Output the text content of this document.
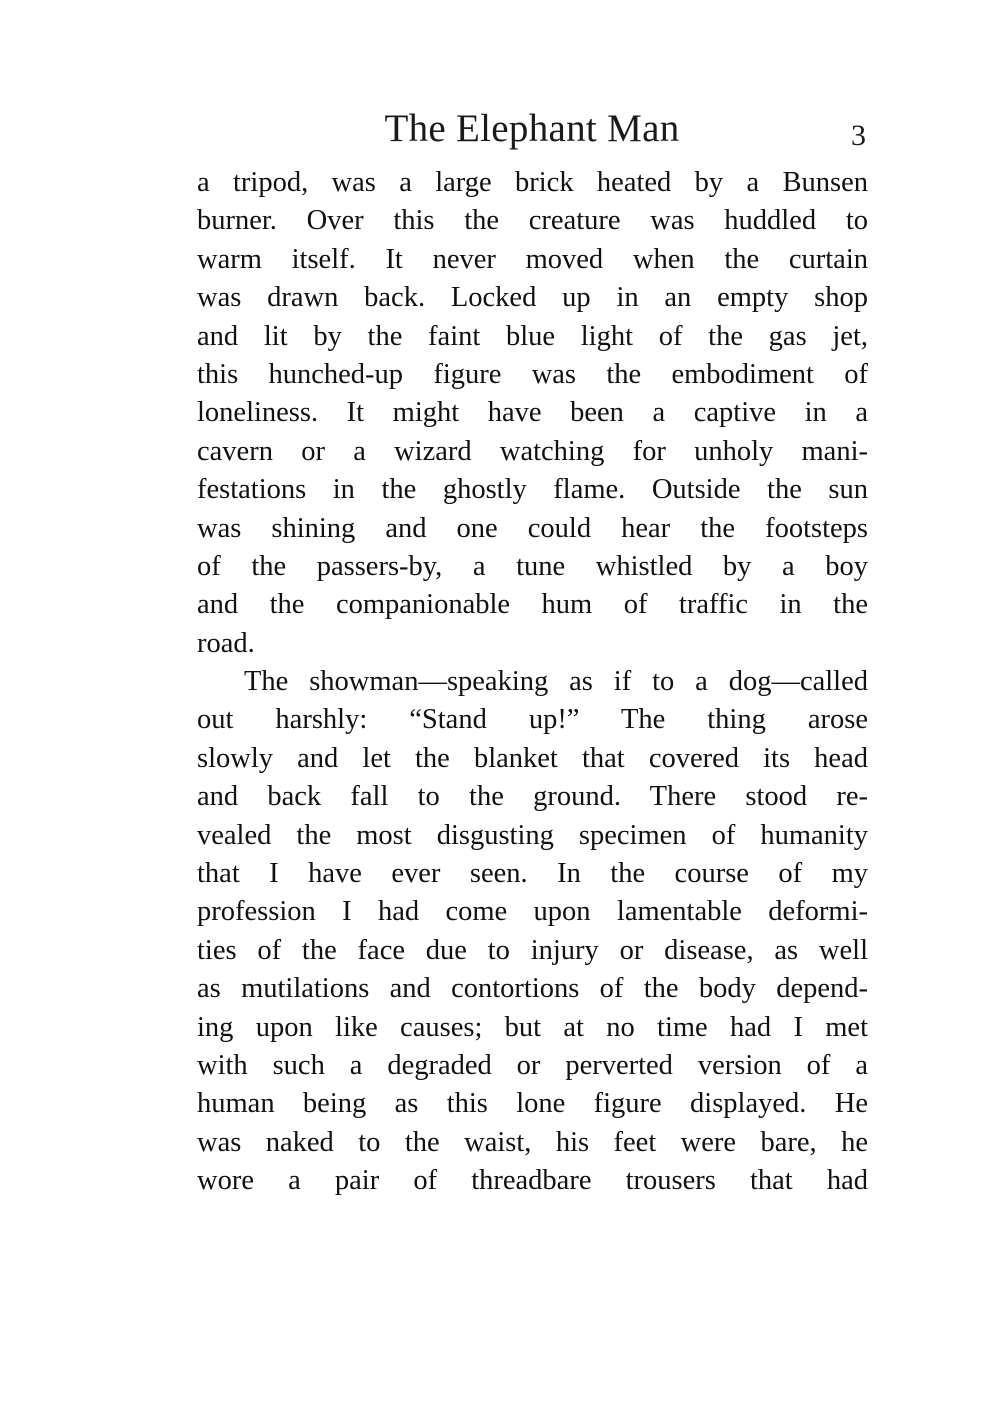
The Elephant Man	3
a tripod, was a large brick heated by a Bunsen
burner. Over this the creature was huddled to
warm itself. It never moved when the curtain
was drawn back. Locked up in an empty shop
and lit by the faint blue light of the gas jet,
this hunched-up figure was the embodiment of
loneliness. It might have been a captive in a
cavern or a wizard watching for unholy mani-
festations in the ghostly flame. Outside the sun
was shining and one could hear the footsteps
of the passers-by, a tune whistled by a boy
and the companionable hum of traffic in the
road.
The showman—speaking as if to a dog—called
out harshly: “Stand up!” The thing arose
slowly and let the blanket that covered its head
and back fall to the ground. There stood re-
vealed the most disgusting specimen of humanity
that I have ever seen. In the course of my
profession I had come upon lamentable deformi-
ties of the face due to injury or disease, as well
as mutilations and contortions of the body depend-
ing upon like causes; but at no time had I met
with such a degraded or perverted version of a
human being as this lone figure displayed. He
was naked to the waist, his feet were bare, he
wore a pair of threadbare trousers that had
